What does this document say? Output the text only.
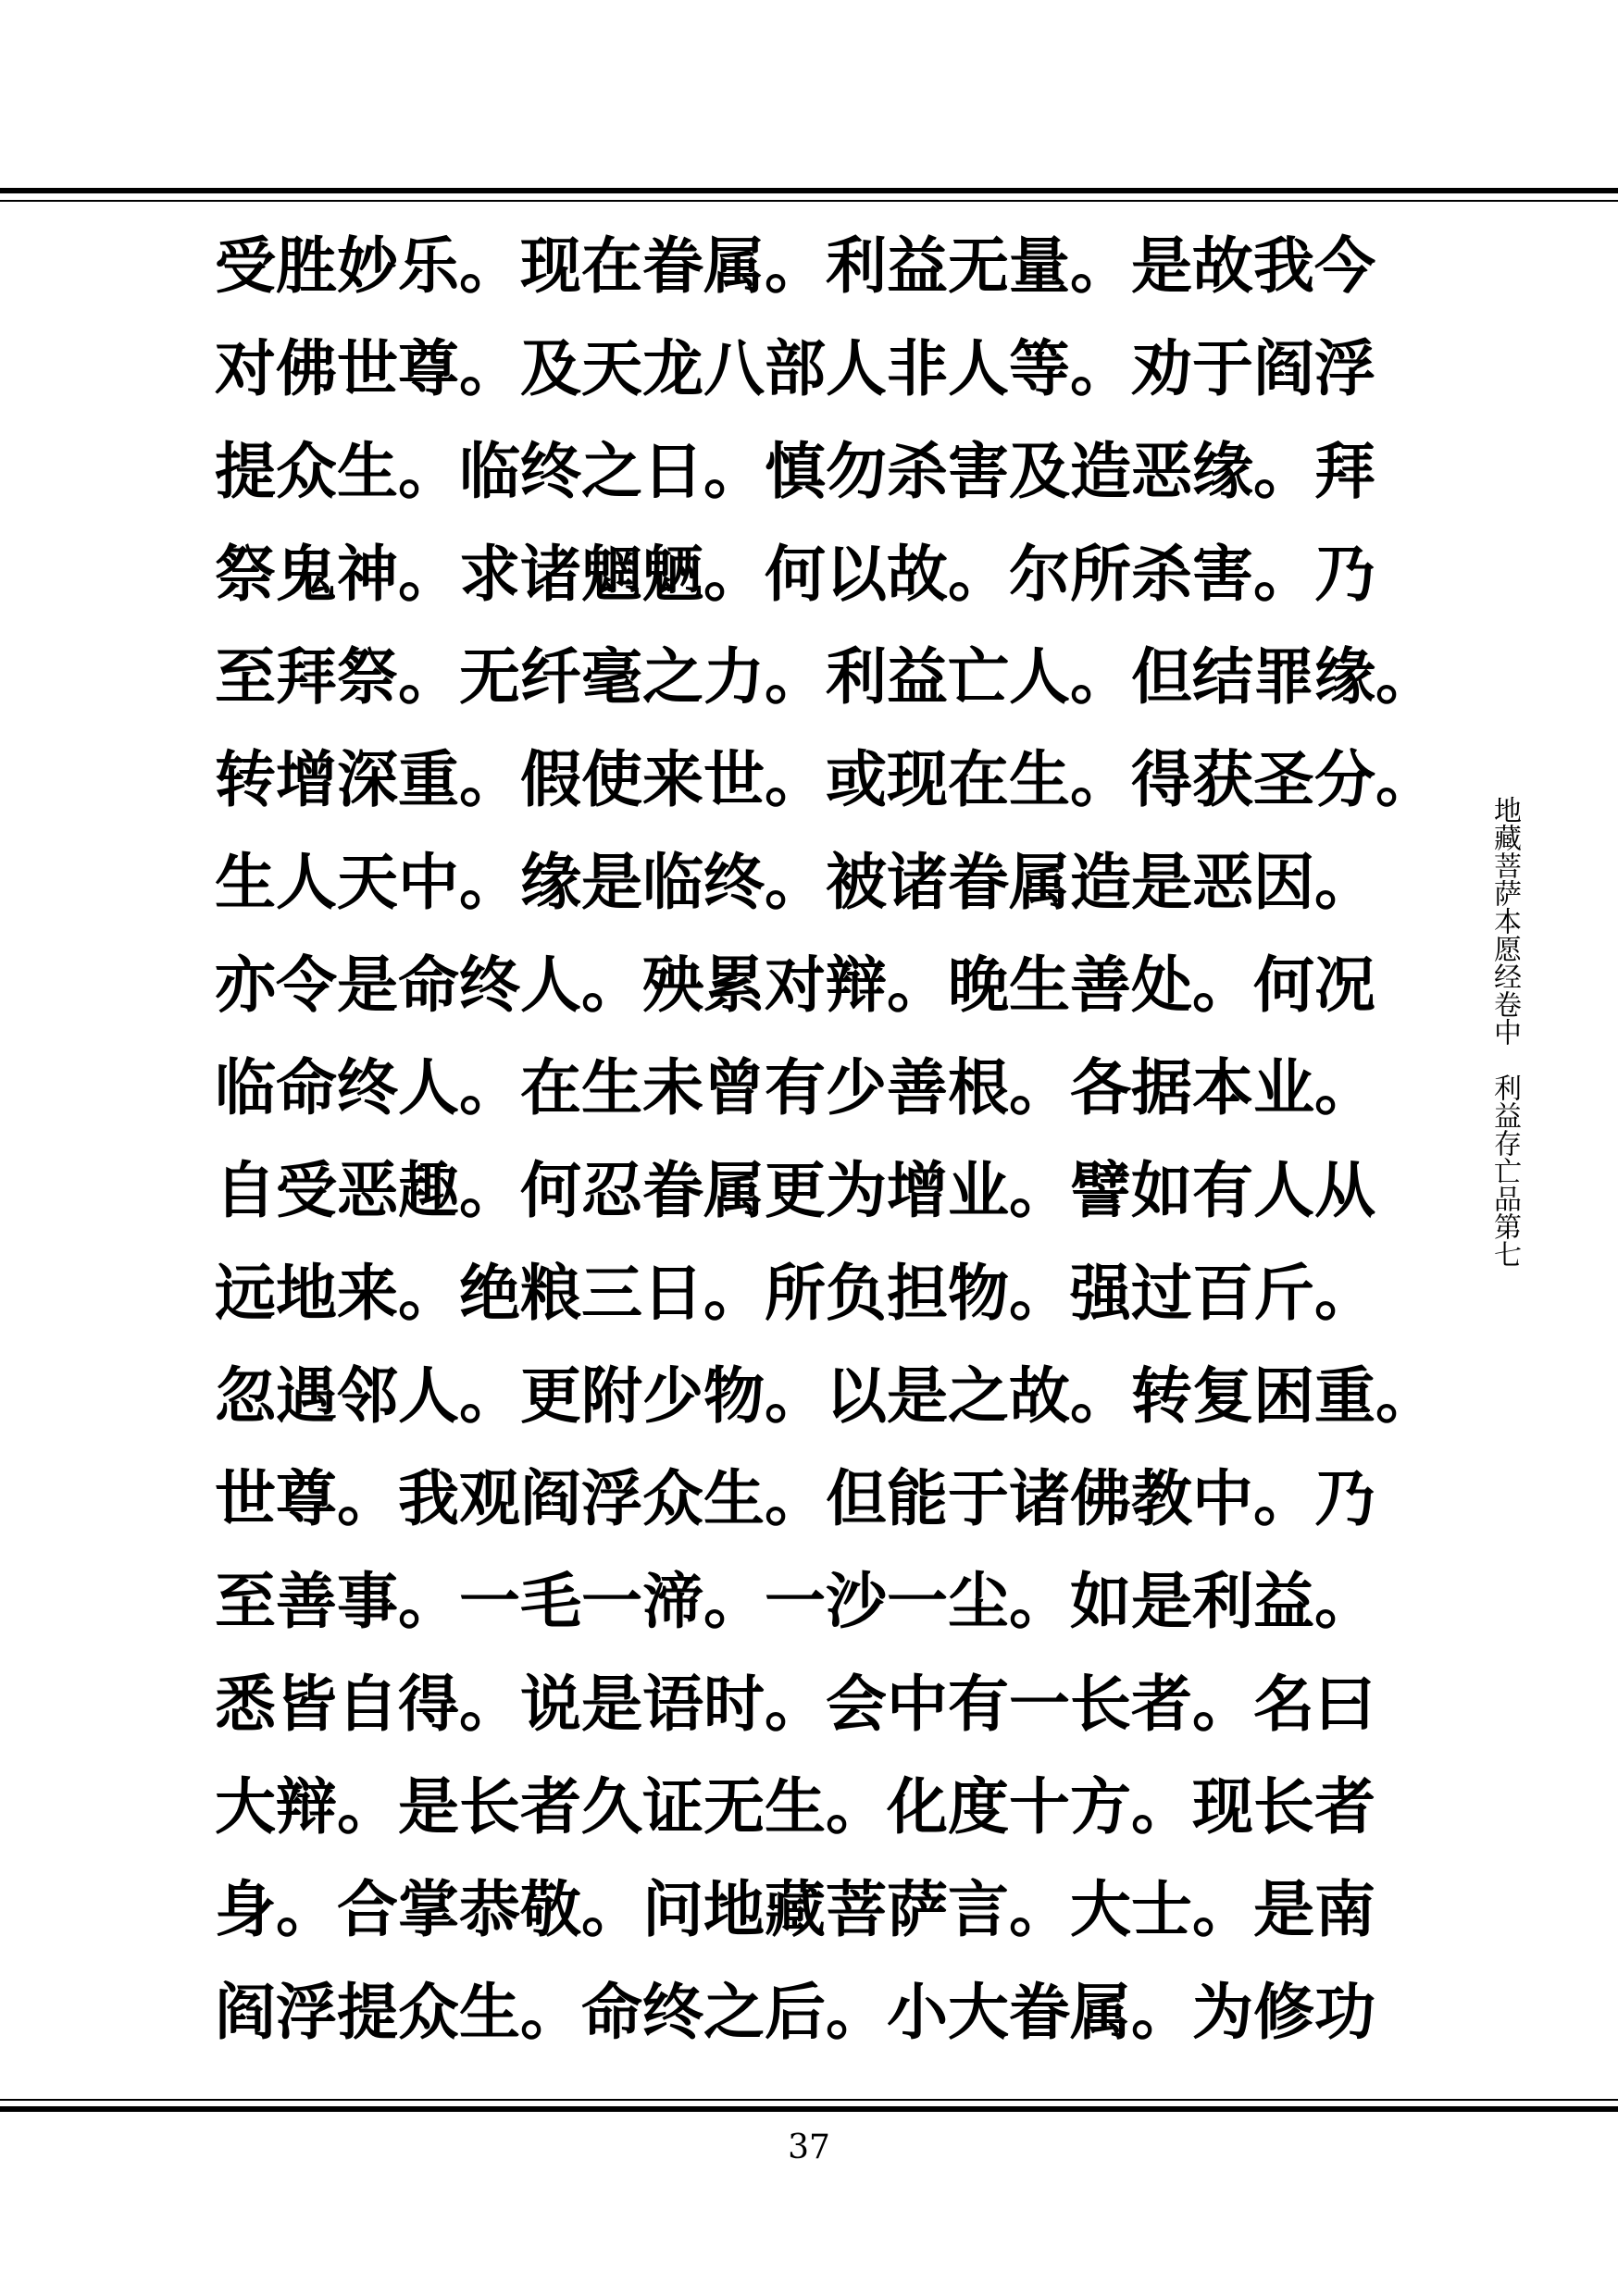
受胜妙乐。现在眷属。利益无量。是故我今
对佛世尊。及天龙八部人非人等。劝于阎浮
提众生。临终之日。慎勿杀害及造恶缘。拜
祭鬼神。求诸魍魉。何以故。尔所杀害。乃
至拜祭。无纤毫之力。利益亡人。但结罪缘。
转增深重。假使来世。或现在生。得获圣分。
生人天中。缘是临终。被诸眷属造是恶因。
亦令是命终人。殃累对辩。晚生善处。何况
临命终人。在生未曾有少善根。各据本业。
自受恶趣。何忍眷属更为增业。譬如有人从
远地来。绝粮三日。所负担物。强过百斤。
忽遇邻人。更附少物。以是之故。转复困重。
世尊。我观阎浮众生。但能于诸佛教中。乃
至善事。一毛一渧。一沙一尘。如是利益。
悉皆自得。说是语时。会中有一长者。名曰
大辩。是长者久证无生。化度十方。现长者
身。合掌恭敬。问地藏菩萨言。大士。是南
阎浮提众生。命终之后。小大眷属。为修功
地藏菩萨本愿经卷中　利益存亡品第七
37
